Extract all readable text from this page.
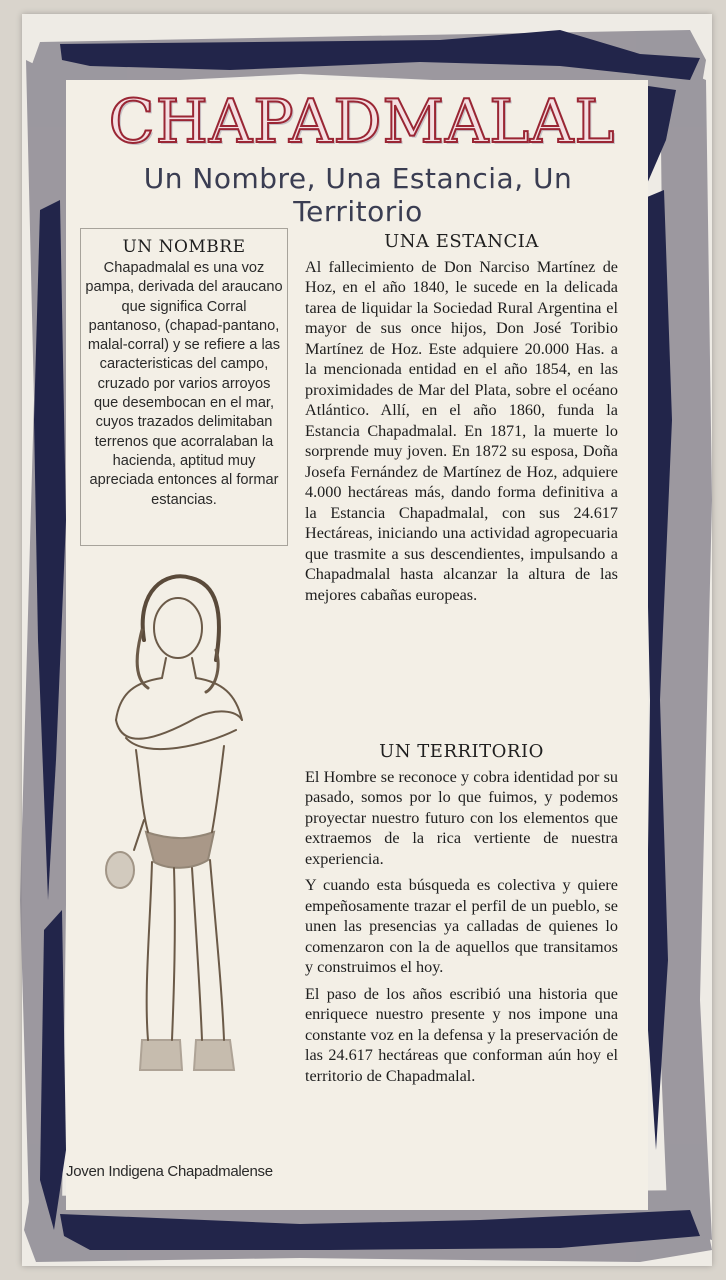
CHAPADMALAL
Un Nombre, Una Estancia, Un Territorio
UN NOMBRE

Chapadmalal es una voz pampa, derivada del araucano que significa Corral pantanoso, (chapad-pantano, malal-corral) y se refiere a las caracteristicas del campo, cruzado por varios arroyos que desembocan en el mar, cuyos trazados delimitaban terrenos que acorralaban la hacienda, aptitud muy apreciada entonces al formar estancias.

UNA ESTANCIA

Al fallecimiento de Don Narciso Martínez de Hoz, en el año 1840, le sucede en la delicada tarea de liquidar la Sociedad Rural Argentina el mayor de sus once hijos, Don José Toribio Martínez de Hoz. Este adquiere 20.000 Has. a la mencionada entidad en el año 1854, en las proximidades de Mar del Plata, sobre el océano Atlántico. Allí, en el año 1860, funda la Estancia Chapadmalal. En 1871, la muerte lo sorprende muy joven. En 1872 su esposa, Doña Josefa Fernández de Martínez de Hoz, adquiere 4.000 hectáreas más, dando forma definitiva a la Estancia Chapadmalal, con sus 24.617 Hectáreas, iniciando una actividad agropecuaria que trasmite a sus descendientes, impulsando a Chapadmalal hasta alcanzar la altura de las mejores cabañas europeas.

UN TERRITORIO

El Hombre se reconoce y cobra identidad por su pasado, somos por lo que fuimos, y podemos proyectar nuestro futuro con los elementos que extraemos de la rica vertiente de nuestra experiencia.

Y cuando esta búsqueda es colectiva y quiere empeñosamente trazar el perfil de un pueblo, se unen las presencias ya calladas de quienes lo comenzaron con la de aquellos que transitamos y construimos el hoy.

El paso de los años escribió una historia que enriquece nuestro presente y nos impone una constante voz en la defensa y la preservación de las 24.617 hectáreas que conforman aún hoy el territorio de Chapadmalal.

Joven Indigena Chapadmalense
